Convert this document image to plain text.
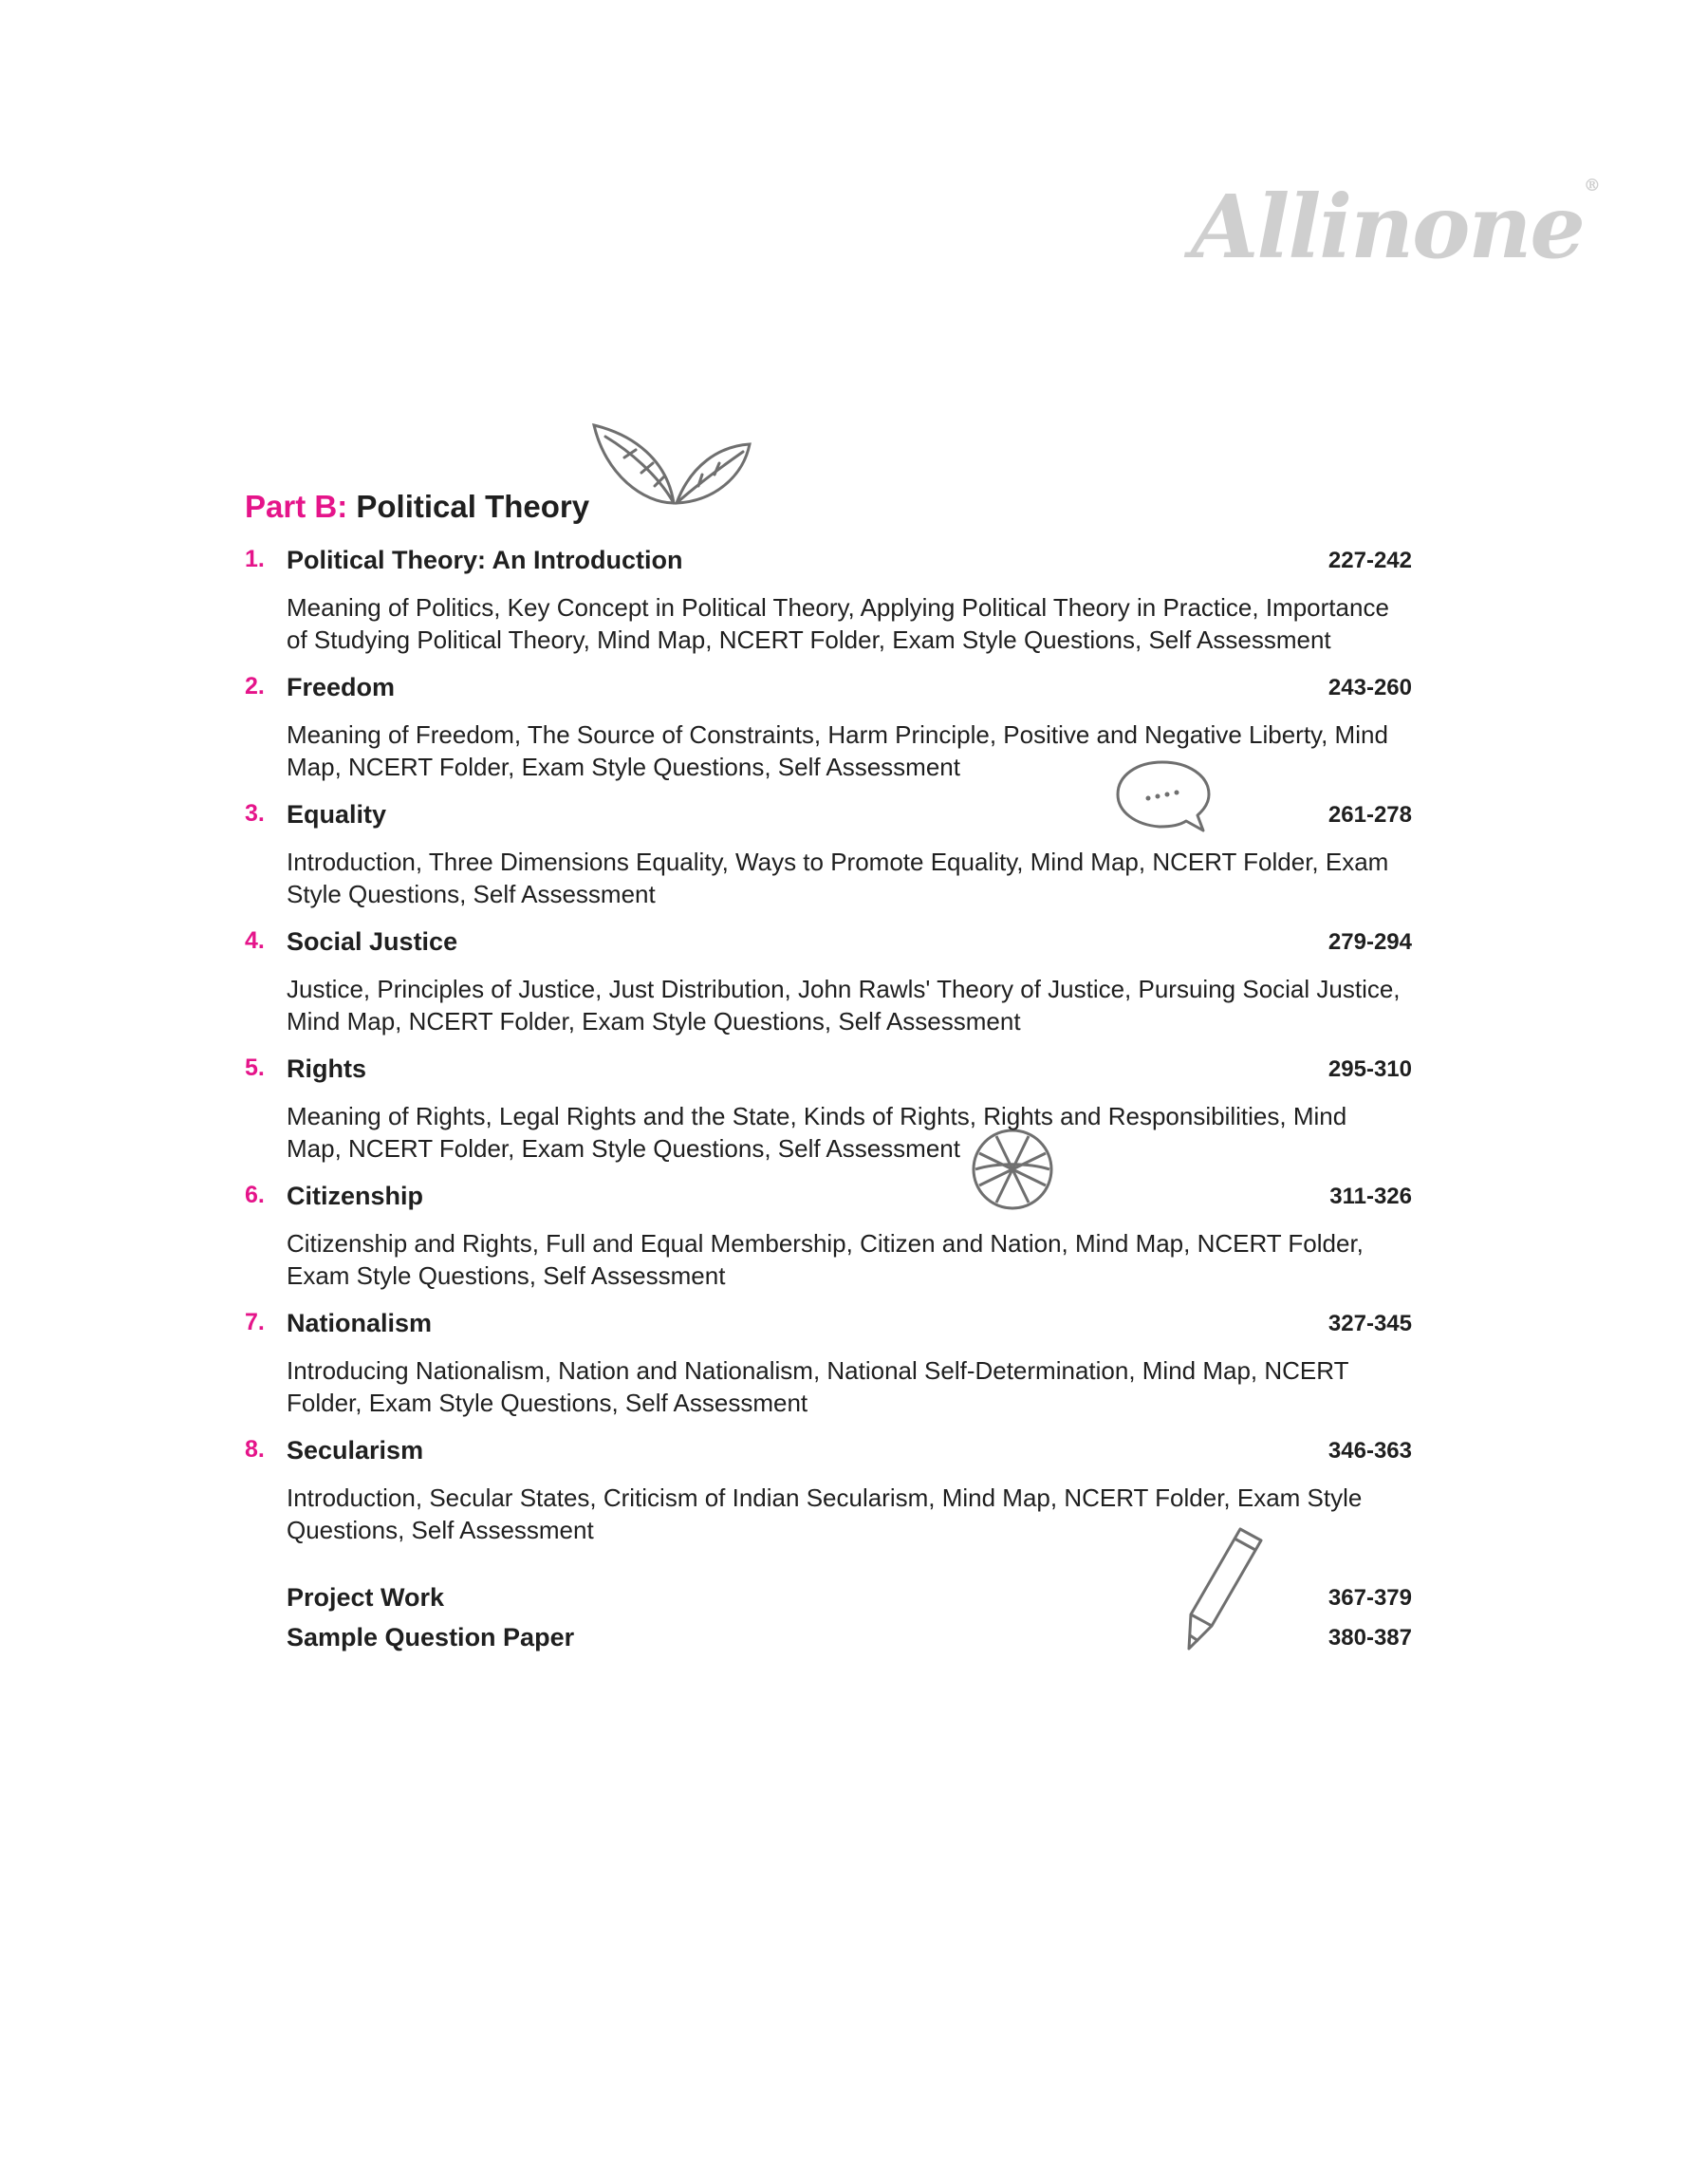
Allinone®
Part B: Political Theory
1. Political Theory: An Introduction	227-242
Meaning of Politics, Key Concept in Political Theory, Applying Political Theory in Practice, Importance of Studying Political Theory, Mind Map, NCERT Folder, Exam Style Questions, Self Assessment
2. Freedom	243-260
Meaning of Freedom, The Source of Constraints, Harm Principle, Positive and Negative Liberty, Mind Map, NCERT Folder, Exam Style Questions, Self Assessment
3. Equality	261-278
Introduction, Three Dimensions Equality, Ways to Promote Equality, Mind Map, NCERT Folder, Exam Style Questions, Self Assessment
4. Social Justice	279-294
Justice, Principles of Justice, Just Distribution, John Rawls' Theory of Justice, Pursuing Social Justice, Mind Map, NCERT Folder, Exam Style Questions, Self Assessment
5. Rights	295-310
Meaning of Rights, Legal Rights and the State, Kinds of Rights, Rights and Responsibilities, Mind Map, NCERT Folder, Exam Style Questions, Self Assessment
6. Citizenship	311-326
Citizenship and Rights, Full and Equal Membership, Citizen and Nation, Mind Map, NCERT Folder, Exam Style Questions, Self Assessment
7. Nationalism	327-345
Introducing Nationalism, Nation and Nationalism, National Self-Determination, Mind Map, NCERT Folder, Exam Style Questions, Self Assessment
8. Secularism	346-363
Introduction, Secular States, Criticism of Indian Secularism, Mind Map, NCERT Folder, Exam Style Questions, Self Assessment
Project Work	367-379
Sample Question Paper	380-387
